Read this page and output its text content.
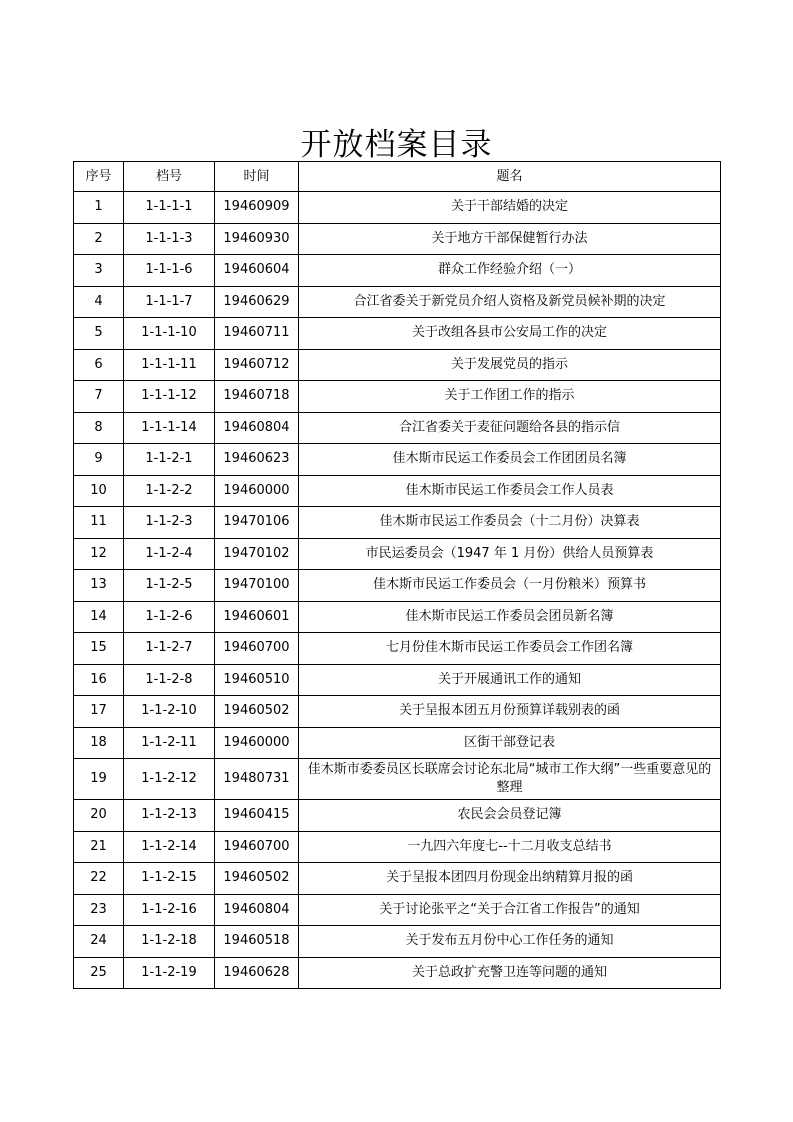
开放档案目录
序号	档号	时间	题名
1	1-1-1-1	19460909	关于干部结婚的决定
2	1-1-1-3	19460930	关于地方干部保健暂行办法
3	1-1-1-6	19460604	群众工作经验介绍（一）
4	1-1-1-7	19460629	合江省委关于新党员介绍人资格及新党员候补期的决定
5	1-1-1-10	19460711	关于改组各县市公安局工作的决定
6	1-1-1-11	19460712	关于发展党员的指示
7	1-1-1-12	19460718	关于工作团工作的指示
8	1-1-1-14	19460804	合江省委关于麦征问题给各县的指示信
9	1-1-2-1	19460623	佳木斯市民运工作委员会工作团团员名簿
10	1-1-2-2	19460000	佳木斯市民运工作委员会工作人员表
11	1-1-2-3	19470106	佳木斯市民运工作委员会（十二月份）决算表
12	1-1-2-4	19470102	市民运委员会（1947 年 1 月份）供给人员预算表
13	1-1-2-5	19470100	佳木斯市民运工作委员会（一月份粮米）预算书
14	1-1-2-6	19460601	佳木斯市民运工作委员会团员新名簿
15	1-1-2-7	19460700	七月份佳木斯市民运工作委员会工作团名簿
16	1-1-2-8	19460510	关于开展通讯工作的通知
17	1-1-2-10	19460502	关于呈报本团五月份预算详载别表的函
18	1-1-2-11	19460000	区街干部登记表
19	1-1-2-12	19480731	佳木斯市委委员区长联席会讨论东北局“城市工作大纲”一些重要意见的整理
20	1-1-2-13	19460415	农民会会员登记簿
21	1-1-2-14	19460700	一九四六年度七--十二月收支总结书
22	1-1-2-15	19460502	关于呈报本团四月份现金出纳精算月报的函
23	1-1-2-16	19460804	关于讨论张平之“关于合江省工作报告”的通知
24	1-1-2-18	19460518	关于发布五月份中心工作任务的通知
25	1-1-2-19	19460628	关于总政扩充警卫连等问题的通知
